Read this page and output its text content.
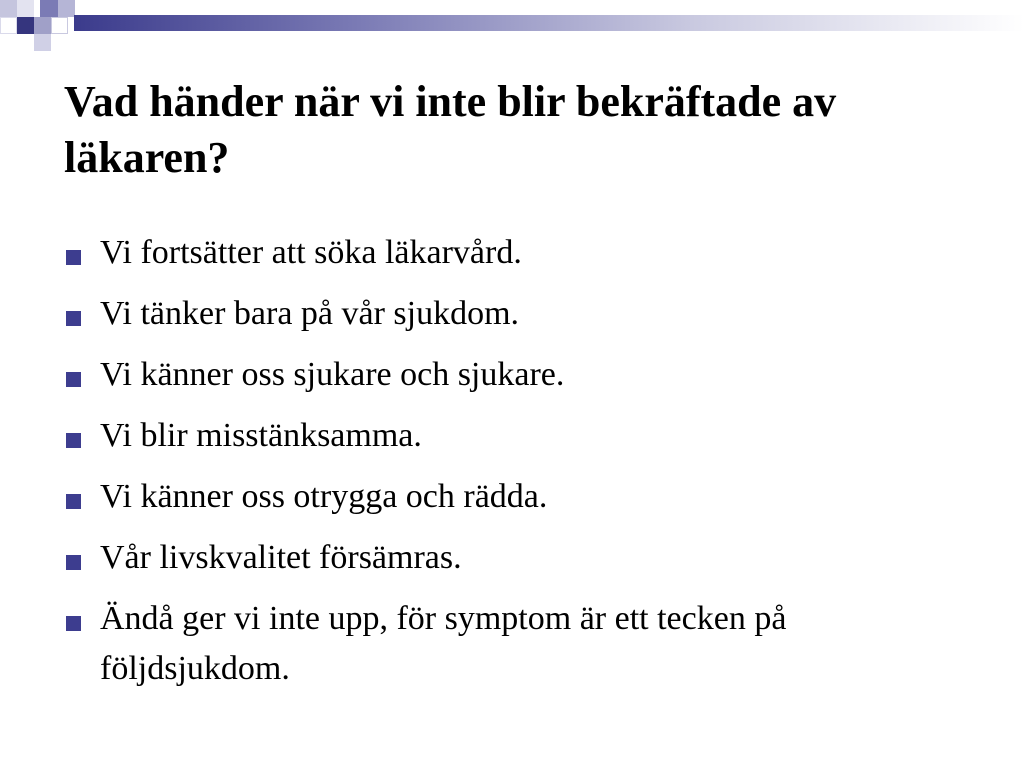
Vad händer när vi inte blir bekräftade av läkaren?
Vi fortsätter att söka läkarvård.
Vi tänker bara på vår sjukdom.
Vi känner oss sjukare och sjukare.
Vi blir misstänksamma.
Vi känner oss otrygga och rädda.
Vår livskvalitet försämras.
Ändå ger vi inte upp, för symptom är ett tecken på följdsjukdom.
